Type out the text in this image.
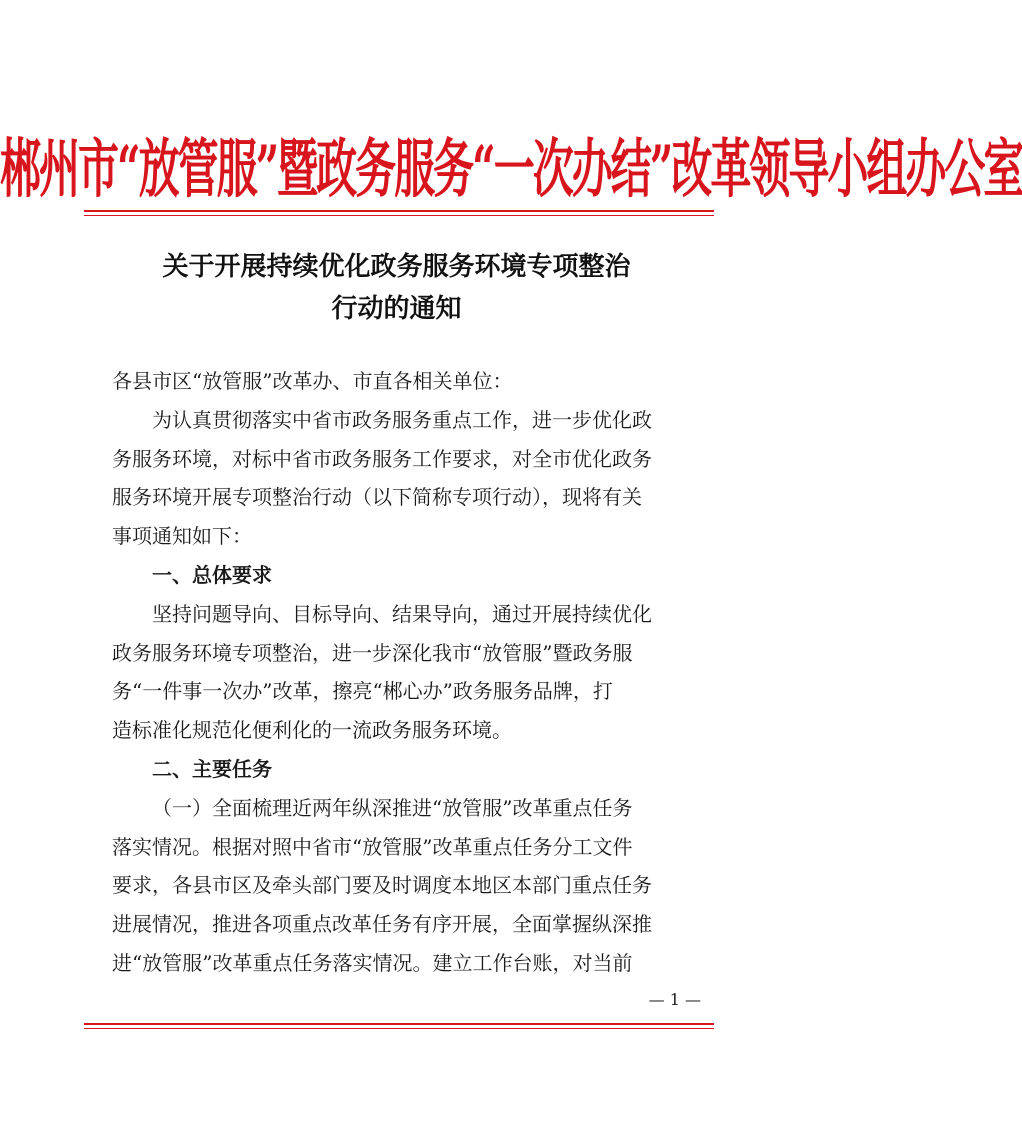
郴州市“放管服”暨政务服务“一次办结”改革领导小组办公室
关于开展持续优化政务服务环境专项整治
行动的通知

各县市区“放管服”改革办、市直各相关单位：

为认真贯彻落实中省市政务服务重点工作，进一步优化政

务服务环境，对标中省市政务服务工作要求，对全市优化政务

服务环境开展专项整治行动（以下简称专项行动），现将有关

事项通知如下：

一、总体要求

坚持问题导向、目标导向、结果导向，通过开展持续优化

政务服务环境专项整治，进一步深化我市“放管服”暨政务服

务“一件事一次办”改革，擦亮“郴心办”政务服务品牌，打

造标准化规范化便利化的一流政务服务环境。

二、主要任务

（一）全面梳理近两年纵深推进“放管服”改革重点任务

落实情况。根据对照中省市“放管服”改革重点任务分工文件

要求，各县市区及牵头部门要及时调度本地区本部门重点任务

进展情况，推进各项重点改革任务有序开展，全面掌握纵深推

进“放管服”改革重点任务落实情况。建立工作台账，对当前

— 1 —
